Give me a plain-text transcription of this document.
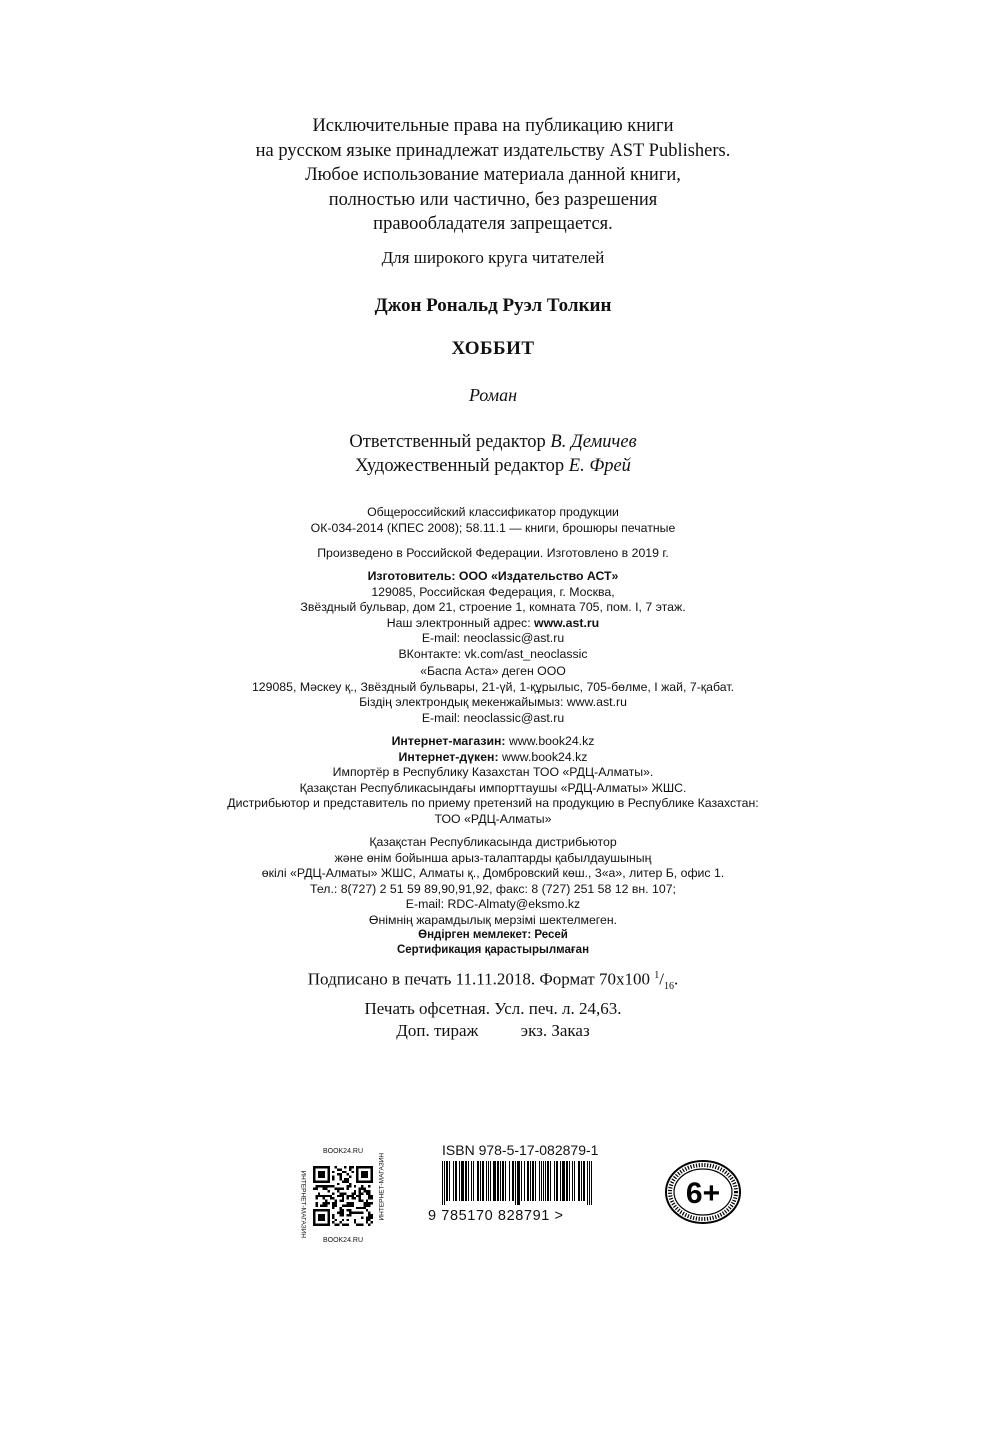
Исключительные права на публикацию книги
на русском языке принадлежат издательству AST Publishers.
Любое использование материала данной книги,
полностью или частично, без разрешения
правообладателя запрещается.
Для широкого круга читателей
Джон Рональд Руэл Толкин
ХОББИТ
Роман
Ответственный редактор В. Демичев
Художественный редактор Е. Фрей
Общероссийский классификатор продукции
ОК-034-2014 (КПЕС 2008); 58.11.1 — книги, брошюры печатные
Произведено в Российской Федерации. Изготовлено в 2019 г.
Изготовитель: ООО «Издательство АСТ»
129085, Российская Федерация, г. Москва,
Звёздный бульвар, дом 21, строение 1, комната 705, пом. I, 7 этаж.
Наш электронный адрес: www.ast.ru
E-mail: neoclassic@ast.ru
ВКонтакте: vk.com/ast_neoclassic
«Баспа Аста» деген ООО
129085, Мәскеу қ., Звёздный бульвары, 21-үй, 1-құрылыс, 705-бөлме, I жай, 7-қабат.
Біздің электрондық мекенжайымыз: www.ast.ru
E-mail: neoclassic@ast.ru
Интернет-магазин: www.book24.kz
Интернет-дүкен: www.book24.kz
Импортёр в Республику Казахстан ТОО «РДЦ-Алматы».
Қазақстан Республикасындағы импорттаушы «РДЦ-Алматы» ЖШС.
Дистрибьютор и представитель по приему претензий на продукцию в Республике Казахстан:
ТОО «РДЦ-Алматы»
Қазақстан Республикасында дистрибьютор
және өнім бойынша арыз-талаптарды қабылдаушының
өкілі «РДЦ-Алматы» ЖШС, Алматы қ., Домбровский көш., 3«а», литер Б, офис 1.
Тел.: 8(727) 2 51 59 89,90,91,92, факс: 8 (727) 251 58 12 вн. 107;
E-mail: RDC-Almaty@eksmo.kz
Өнімнің жарамдылық мерзімі шектелмеген.
Өндірген мемлекет: Ресей
Сертификация қарастырылмаған
Подписано в печать 11.11.2018. Формат 70x100 $^1/_{16}$.
Печать офсетная. Усл. печ. л. 24,63.
Доп. тираж          экз. Заказ
BOOK24.RU
ИНТЕРНЕТ-МАГАЗИН	ИНТЕРНЕТ-МАГАЗИН
BOOK24.RU
ISBN 978-5-17-082879-1
9 785170 828791 >
6+
